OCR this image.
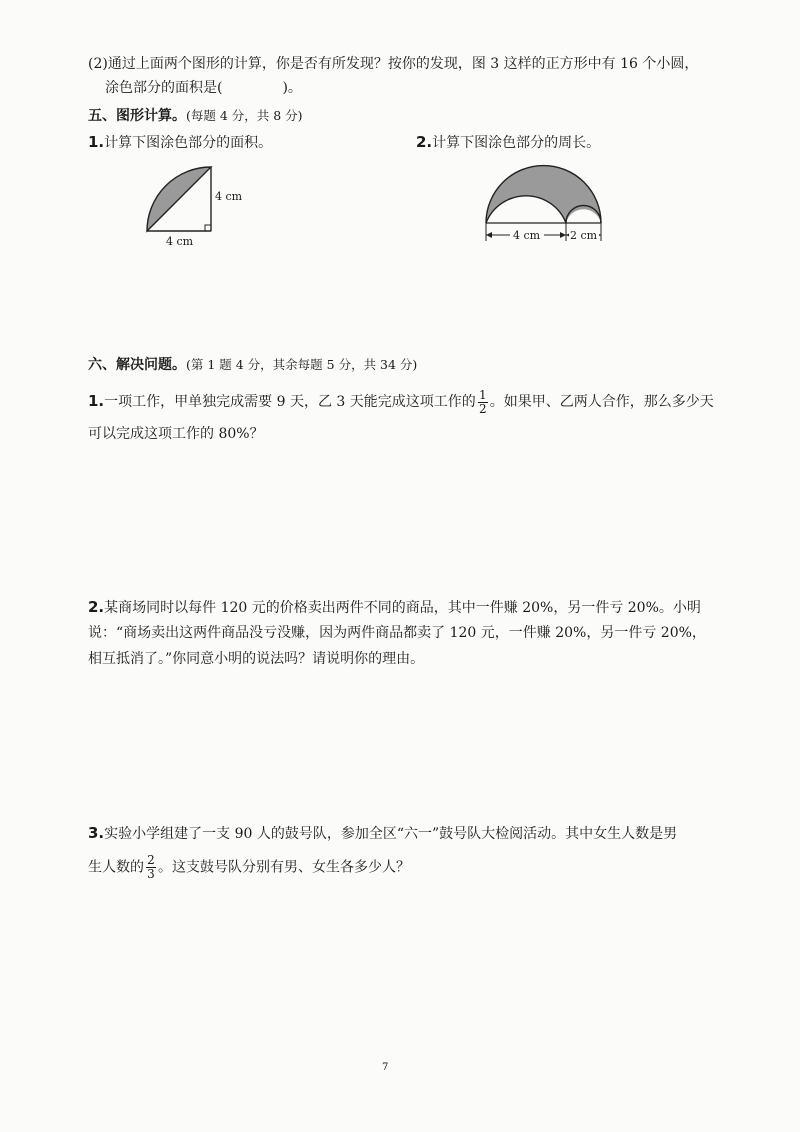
(2)通过上面两个图形的计算，你是否有所发现？按你的发现，图 3 这样的正方形中有 16 个小圆，
涂色部分的面积是(	)。
五、图形计算。(每题 4 分，共 8 分)
1.计算下图涂色部分的面积。	2.计算下图涂色部分的周长。
4 cm
4 cm	4 cm	2 cm
六、解决问题。(第 1 题 4 分，其余每题 5 分，共 34 分)
1.一项工作，甲单独完成需要 9 天，乙 3 天能完成这项工作的 $\frac{1}{2}$ 。如果甲、乙两人合作，那么多少天
可以完成这项工作的 80%？
2.某商场同时以每件 120 元的价格卖出两件不同的商品，其中一件赚 20%，另一件亏 20%。小明
说：“商场卖出这两件商品没亏没赚，因为两件商品都卖了 120 元，一件赚 20%，另一件亏 20%，
相互抵消了。”你同意小明的说法吗？请说明你的理由。
3.实验小学组建了一支 90 人的鼓号队，参加全区“六一”鼓号队大检阅活动。其中女生人数是男
生人数的 $\frac{2}{3}$ 。这支鼓号队分别有男、女生各多少人？
7
